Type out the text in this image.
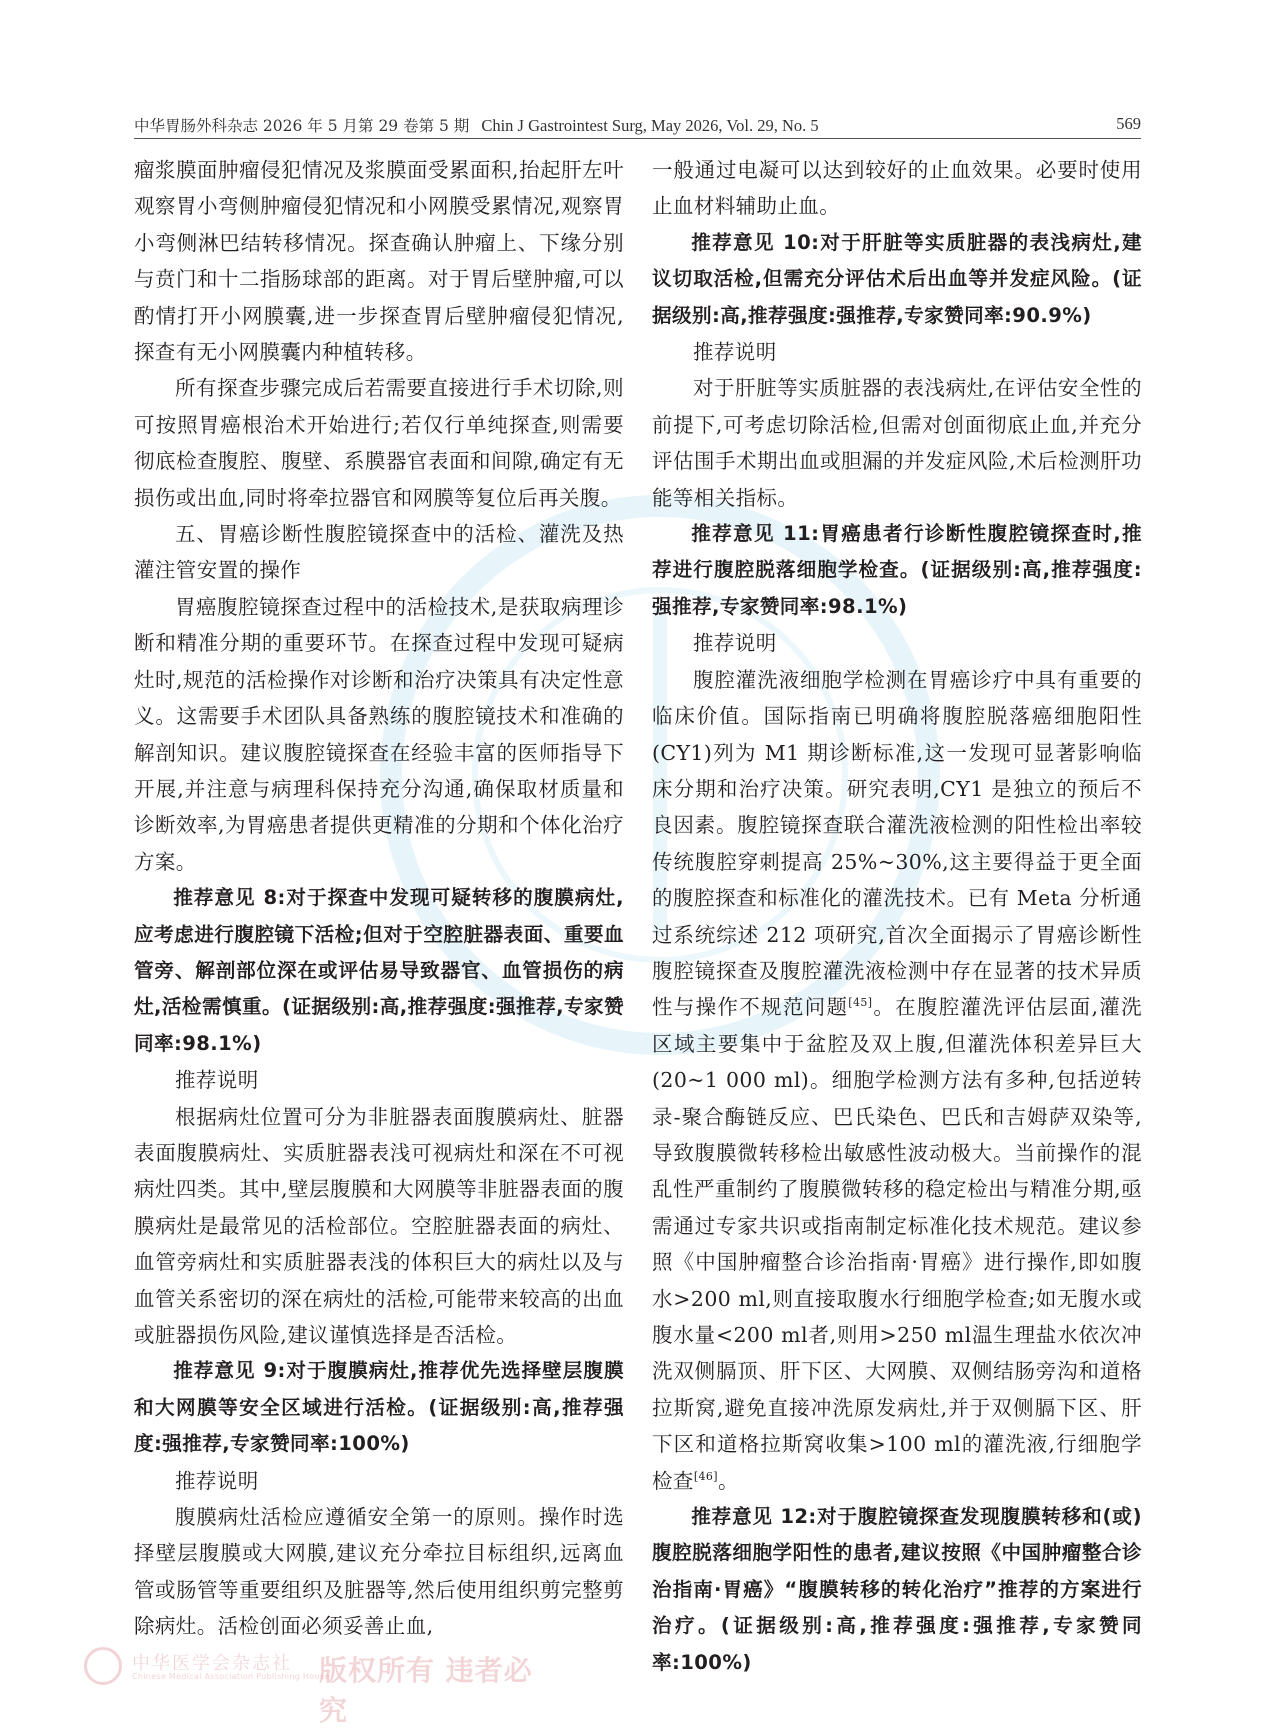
中华胃肠外科杂志 2026 年 5 月第 29 卷第 5 期 Chin J Gastrointest Surg, May 2026, Vol. 29, No. 5	569

瘤浆膜面肿瘤侵犯情况及浆膜面受累面积,抬起肝左叶观察胃小弯侧肿瘤侵犯情况和小网膜受累情况,观察胃小弯侧淋巴结转移情况。探查确认肿瘤上、下缘分别与贲门和十二指肠球部的距离。对于胃后壁肿瘤,可以酌情打开小网膜囊,进一步探查胃后壁肿瘤侵犯情况,探查有无小网膜囊内种植转移。

所有探查步骤完成后若需要直接进行手术切除,则可按照胃癌根治术开始进行;若仅行单纯探查,则需要彻底检查腹腔、腹壁、系膜器官表面和间隙,确定有无损伤或出血,同时将牵拉器官和网膜等复位后再关腹。

五、胃癌诊断性腹腔镜探查中的活检、灌洗及热灌注管安置的操作

胃癌腹腔镜探查过程中的活检技术,是获取病理诊断和精准分期的重要环节。在探查过程中发现可疑病灶时,规范的活检操作对诊断和治疗决策具有决定性意义。这需要手术团队具备熟练的腹腔镜技术和准确的解剖知识。建议腹腔镜探查在经验丰富的医师指导下开展,并注意与病理科保持充分沟通,确保取材质量和诊断效率,为胃癌患者提供更精准的分期和个体化治疗方案。

推荐意见 8:对于探查中发现可疑转移的腹膜病灶,应考虑进行腹腔镜下活检;但对于空腔脏器表面、重要血管旁、解剖部位深在或评估易导致器官、血管损伤的病灶,活检需慎重。(证据级别:高,推荐强度:强推荐,专家赞同率:98.1%)

推荐说明

根据病灶位置可分为非脏器表面腹膜病灶、脏器表面腹膜病灶、实质脏器表浅可视病灶和深在不可视病灶四类。其中,壁层腹膜和大网膜等非脏器表面的腹膜病灶是最常见的活检部位。空腔脏器表面的病灶、血管旁病灶和实质脏器表浅的体积巨大的病灶以及与血管关系密切的深在病灶的活检,可能带来较高的出血或脏器损伤风险,建议谨慎选择是否活检。

推荐意见 9:对于腹膜病灶,推荐优先选择壁层腹膜和大网膜等安全区域进行活检。(证据级别:高,推荐强度:强推荐,专家赞同率:100%)

推荐说明

腹膜病灶活检应遵循安全第一的原则。操作时选择壁层腹膜或大网膜,建议充分牵拉目标组织,远离血管或肠管等重要组织及脏器等,然后使用组织剪完整剪除病灶。活检创面必须妥善止血,

一般通过电凝可以达到较好的止血效果。必要时使用止血材料辅助止血。

推荐意见 10:对于肝脏等实质脏器的表浅病灶,建议切取活检,但需充分评估术后出血等并发症风险。(证据级别:高,推荐强度:强推荐,专家赞同率:90.9%)

推荐说明

对于肝脏等实质脏器的表浅病灶,在评估安全性的前提下,可考虑切除活检,但需对创面彻底止血,并充分评估围手术期出血或胆漏的并发症风险,术后检测肝功能等相关指标。

推荐意见 11:胃癌患者行诊断性腹腔镜探查时,推荐进行腹腔脱落细胞学检查。(证据级别:高,推荐强度:强推荐,专家赞同率:98.1%)

推荐说明

腹腔灌洗液细胞学检测在胃癌诊疗中具有重要的临床价值。国际指南已明确将腹腔脱落癌细胞阳性(CY1)列为 M1 期诊断标准,这一发现可显著影响临床分期和治疗决策。研究表明,CY1 是独立的预后不良因素。腹腔镜探查联合灌洗液检测的阳性检出率较传统腹腔穿刺提高 25%~30%,这主要得益于更全面的腹腔探查和标准化的灌洗技术。已有 Meta 分析通过系统综述 212 项研究,首次全面揭示了胃癌诊断性腹腔镜探查及腹腔灌洗液检测中存在显著的技术异质性与操作不规范问题[45]。在腹腔灌洗评估层面,灌洗区域主要集中于盆腔及双上腹,但灌洗体积差异巨大(20~1 000 ml)。细胞学检测方法有多种,包括逆转录-聚合酶链反应、巴氏染色、巴氏和吉姆萨双染等,导致腹膜微转移检出敏感性波动极大。当前操作的混乱性严重制约了腹膜微转移的稳定检出与精准分期,亟需通过专家共识或指南制定标准化技术规范。建议参照《中国肿瘤整合诊治指南·胃癌》进行操作,即如腹水>200 ml,则直接取腹水行细胞学检查;如无腹水或腹水量<200 ml者,则用>250 ml温生理盐水依次冲洗双侧膈顶、肝下区、大网膜、双侧结肠旁沟和道格拉斯窝,避免直接冲洗原发病灶,并于双侧膈下区、肝下区和道格拉斯窝收集>100 ml的灌洗液,行细胞学检查[46]。

推荐意见 12:对于腹腔镜探查发现腹膜转移和(或)腹腔脱落细胞学阳性的患者,建议按照《中国肿瘤整合诊治指南·胃癌》“腹膜转移的转化治疗”推荐的方案进行治疗。(证据级别:高,推荐强度:强推荐,专家赞同率:100%)

中华医学会杂志社
Chinese Medical Association Publishing House
版权所有 违者必究
